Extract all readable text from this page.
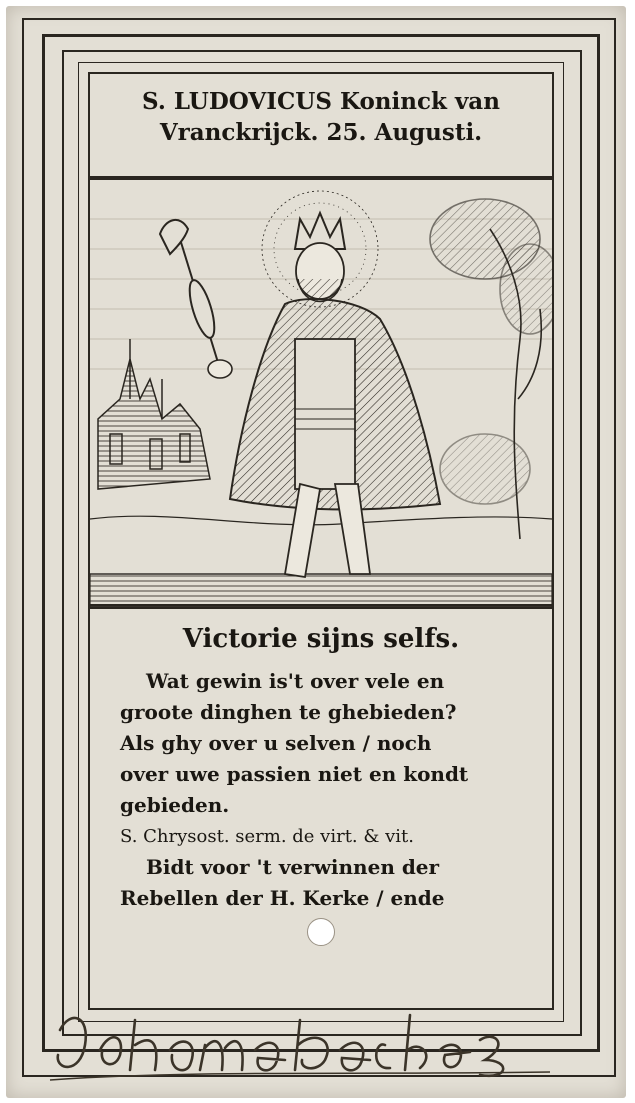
S. LUDOVICUS Koninck van
Vranckrijck. 25. Augusti.
Victorie sijns selfs.
Wat gewin is't over vele en
groote dinghen te ghebieden?
Als ghy over u selven / noch
over uwe passien niet en kondt
gebieden.
S. Chrysost. serm. de virt. & vit.
Bidt voor 't verwinnen der
Rebellen der H. Kerke / ende
